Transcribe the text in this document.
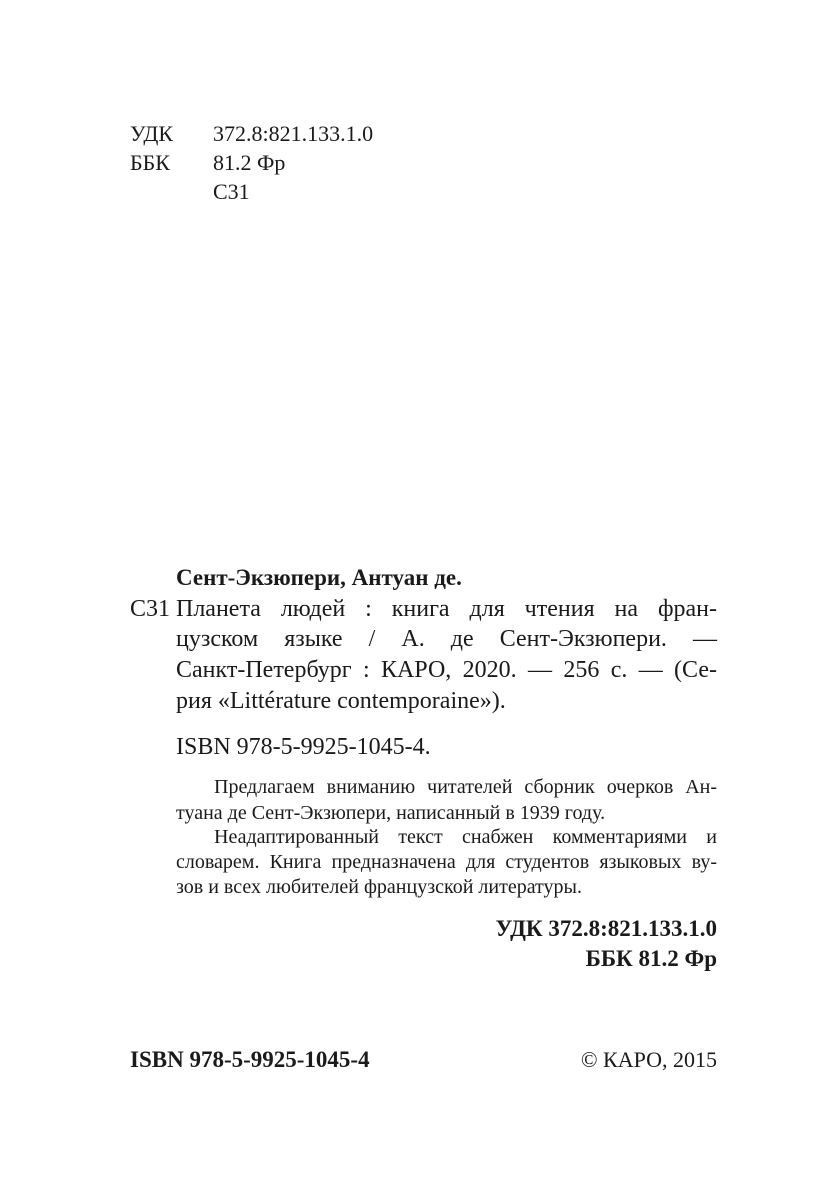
УДК 372.8:821.133.1.0
ББК 81.2 Фр
С31
Сент-Экзюпери, Антуан де.
С31 Планета людей : книга для чтения на фран-
цузском языке / А. де Сент-Экзюпери. —
Санкт-Петербург : КАРО, 2020. — 256 с. — (Се-
рия «Littérature contemporaine»).
ISBN 978-5-9925-1045-4.
Предлагаем вниманию читателей сборник очерков Ан-
туана де Сент-Экзюпери, написанный в 1939 году.
Неадаптированный текст снабжен комментариями и
словарем. Книга предназначена для студентов языковых ву-
зов и всех любителей французской литературы.
УДК 372.8:821.133.1.0
ББК 81.2 Фр
ISBN 978-5-9925-1045-4	© КАРО, 2015
